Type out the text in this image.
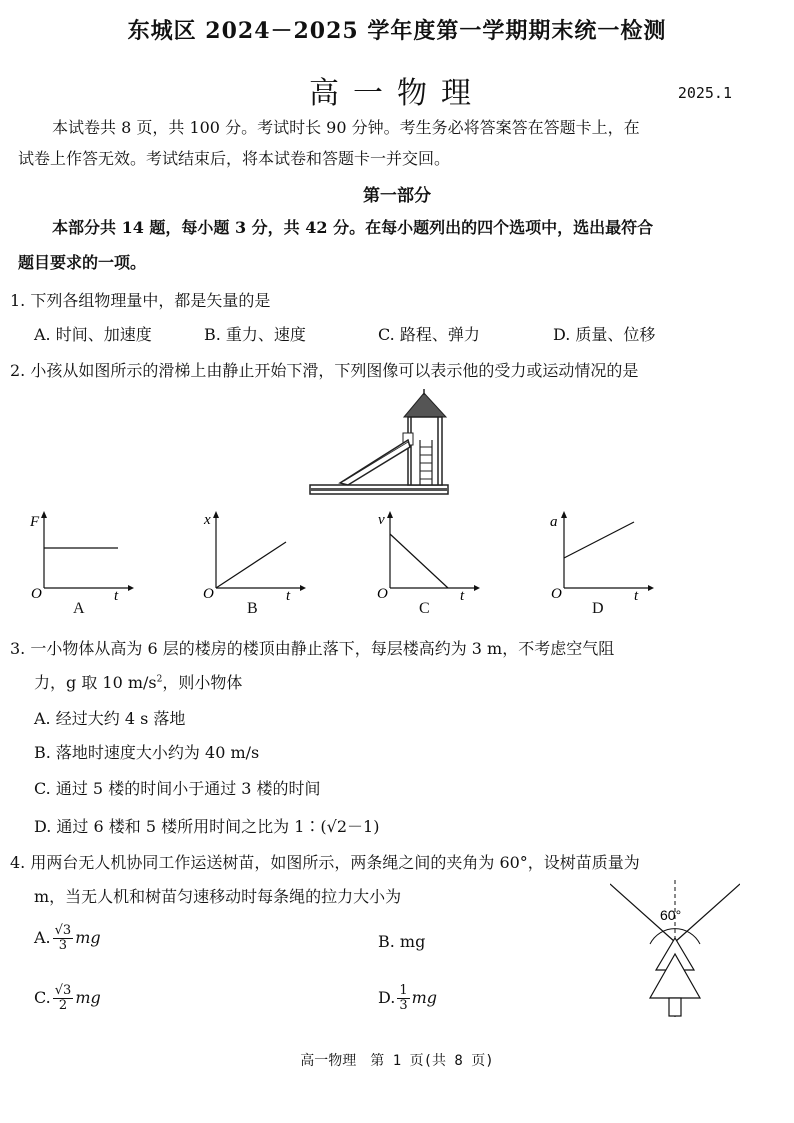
东城区 2024－2025 学年度第一学期期末统一检测
高一物理	2025.1
本试卷共 8 页，共 100 分。考试时长 90 分钟。考生务必将答案答在答题卡上，在
试卷上作答无效。考试结束后，将本试卷和答题卡一并交回。
第一部分
本部分共 14 题，每小题 3 分，共 42 分。在每小题列出的四个选项中，选出最符合
题目要求的一项。
1. 下列各组物理量中，都是矢量的是
A. 时间、加速度	B. 重力、速度	C. 路程、弹力	D. 质量、位移
2. 小孩从如图所示的滑梯上由静止开始下滑，下列图像可以表示他的受力或运动情况的是
F
O	t
A
x
O	t
B
v
O	t
C
a
O	t
D
3. 一小物体从高为 6 层的楼房的楼顶由静止落下，每层楼高约为 3 m，不考虑空气阻
力，g 取 10 $m/s^2$，则小物体
A. 经过大约 4 s 落地
B. 落地时速度大小约为 40 m/s
C. 通过 5 楼的时间小于通过 3 楼的时间
D. 通过 6 楼和 5 楼所用时间之比为 1∶(√2－1)
4. 用两台无人机协同工作运送树苗，如图所示，两条绳之间的夹角为 60°，设树苗质量为
m，当无人机和树苗匀速移动时每条绳的拉力大小为
A. $\frac{√3}{3}$ mg	B. mg
C. $\frac{√3}{2}$ mg	D. $\frac{1}{3}$ mg
60°
高一物理　第 1 页(共 8 页)
